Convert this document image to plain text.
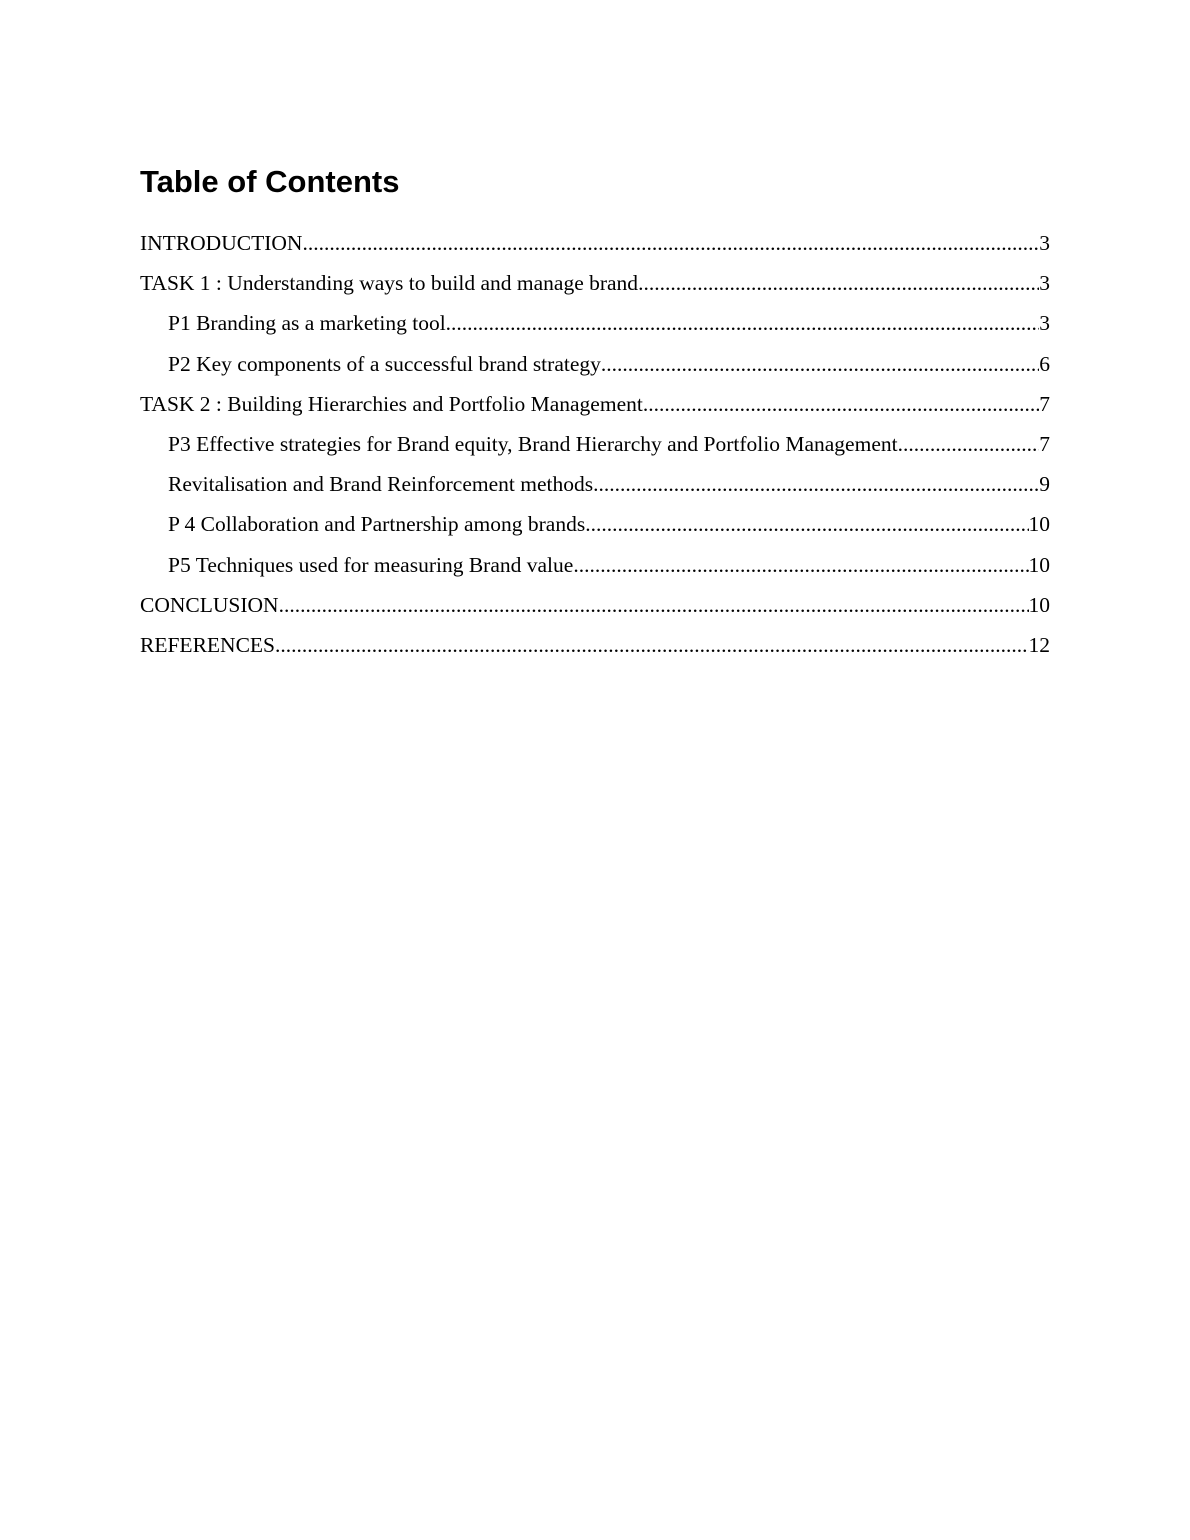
Table of Contents
INTRODUCTION .....	3
TASK 1 : Understanding ways to build and manage brand .....	3
P1 Branding as a marketing tool .....	3
P2 Key components of a successful brand strategy .....	6
TASK 2 : Building Hierarchies and Portfolio Management .....	7
P3 Effective strategies for Brand equity, Brand Hierarchy and Portfolio Management .....	7
Revitalisation and Brand Reinforcement methods .....	9
P 4 Collaboration and Partnership among brands .....	10
P5 Techniques used for measuring Brand value .....	10
CONCLUSION .....	10
REFERENCES .....	12
